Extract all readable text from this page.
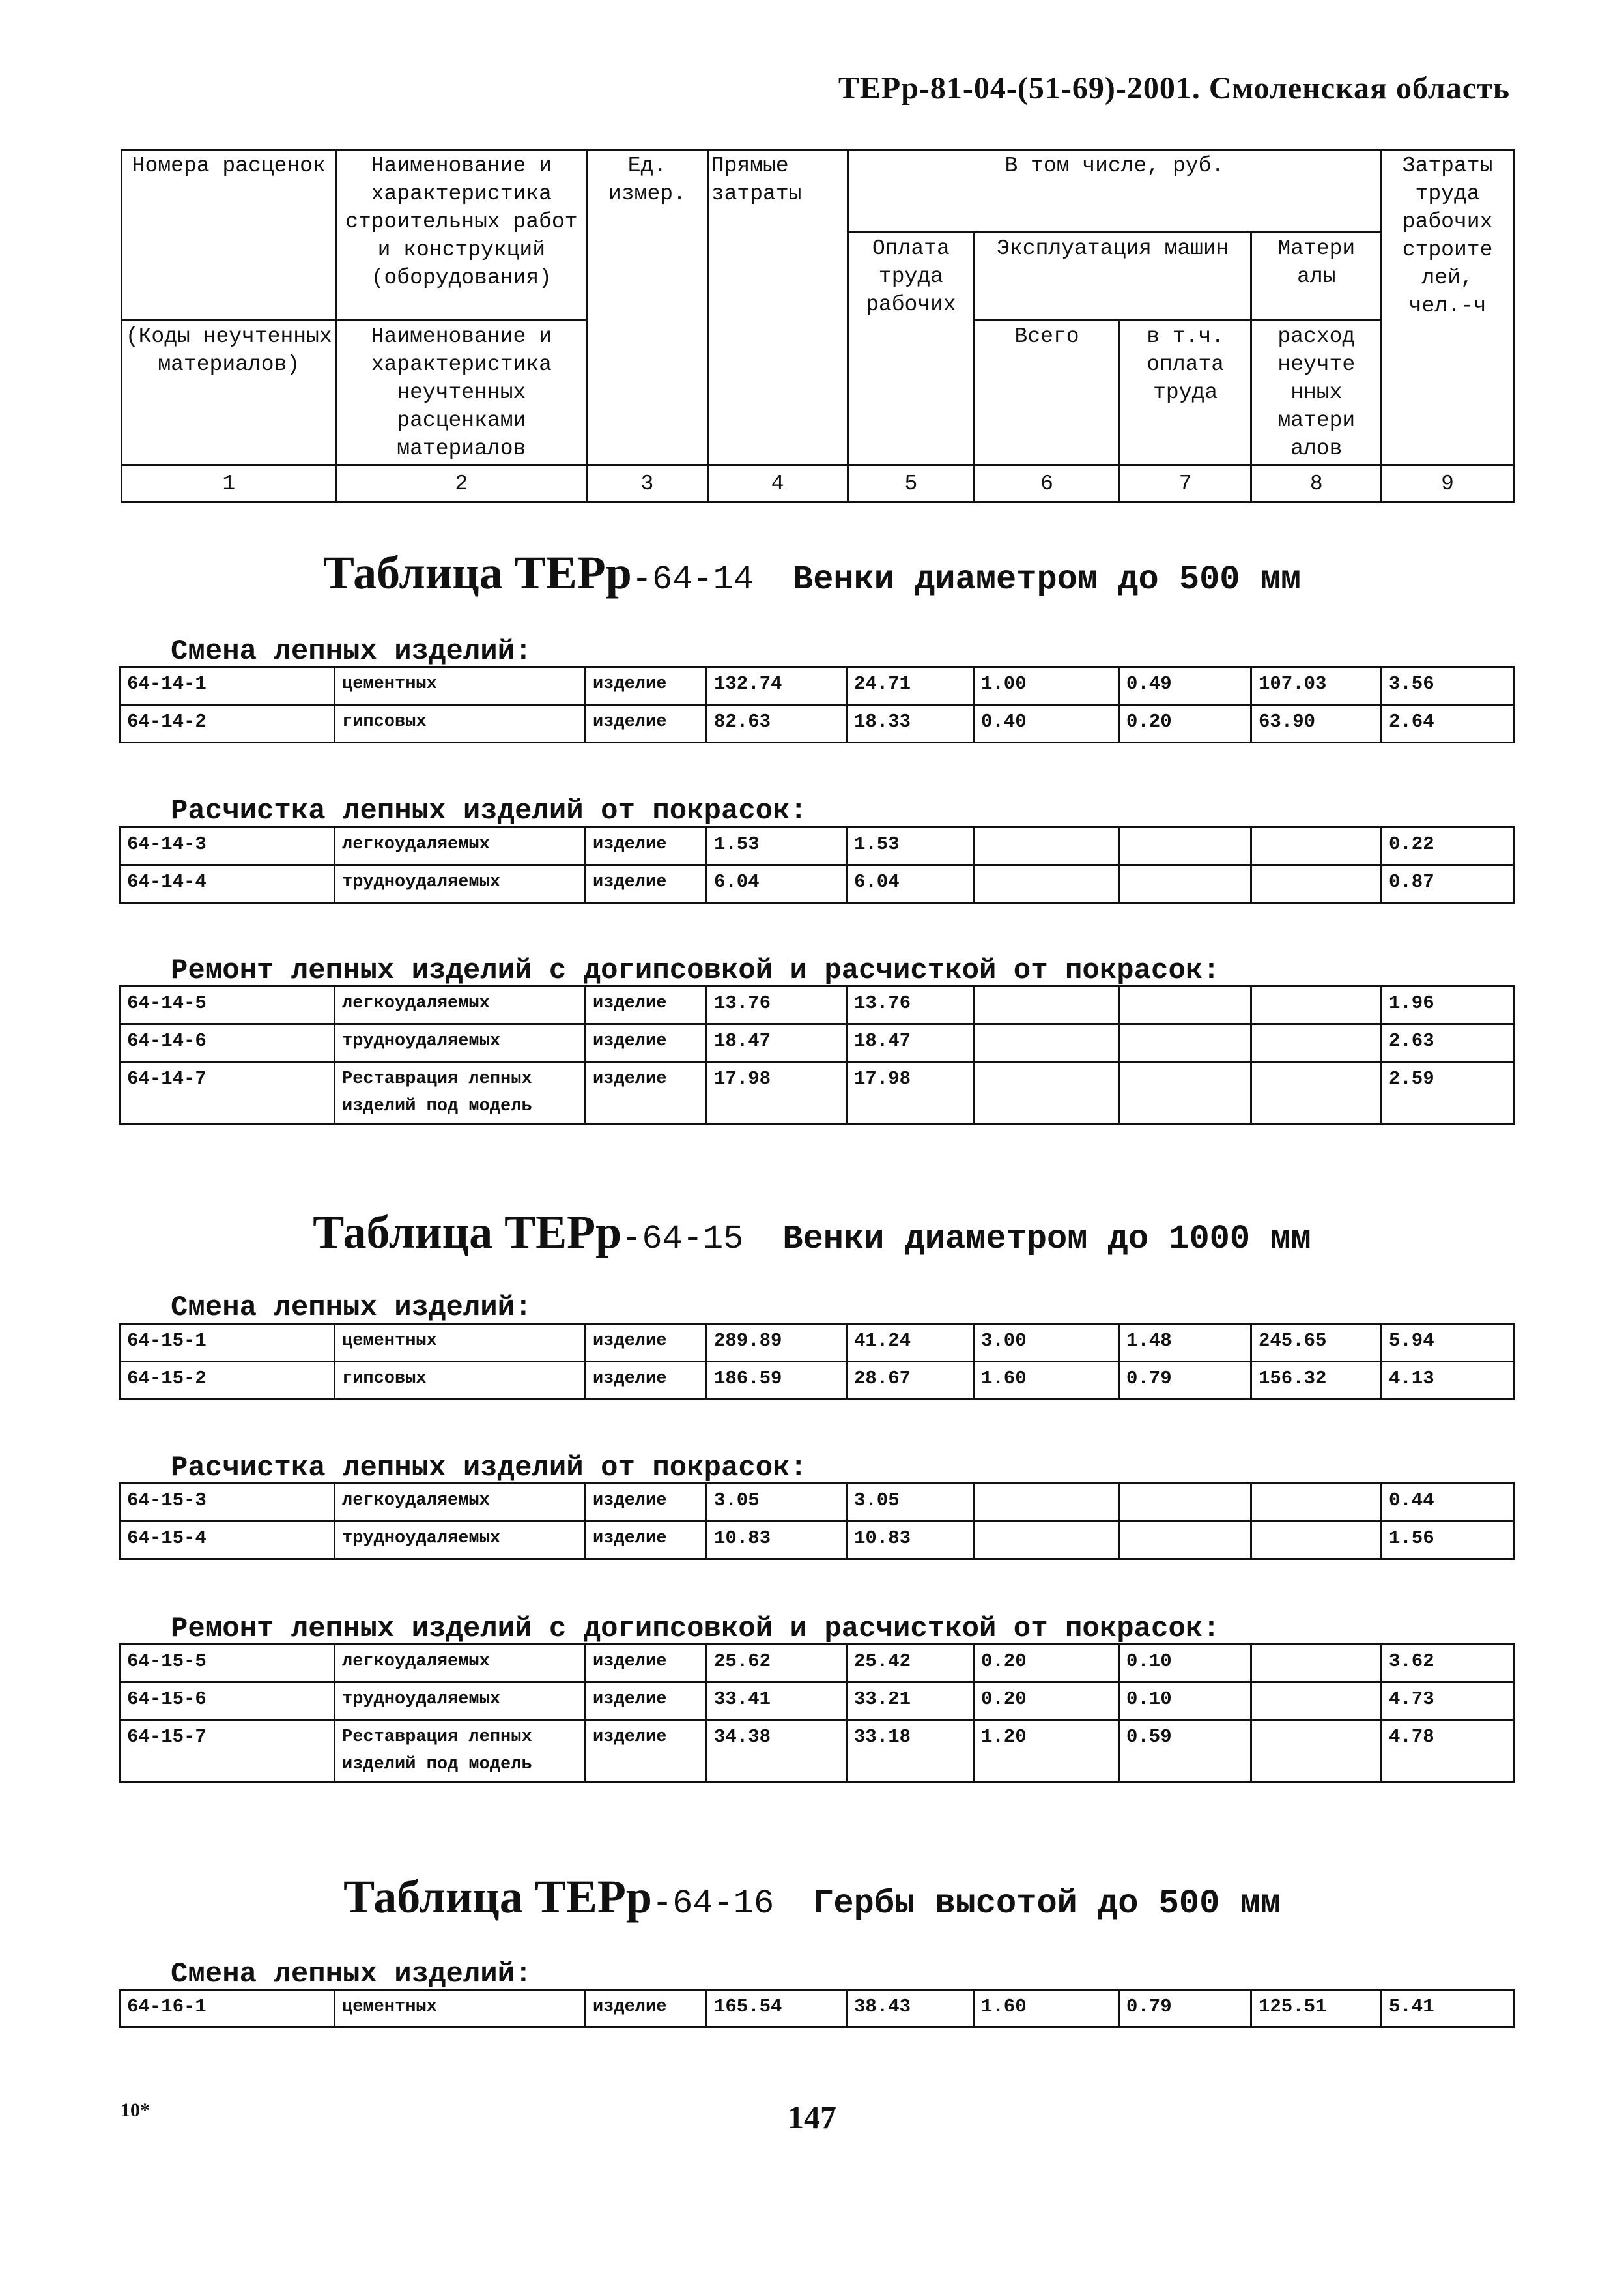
ТЕРр-81-04-(51-69)-2001. Смоленская область
Номера расценок	Наименование и характеристика строительных работ и конструкций (оборудования)	Ед. измер.	Прямые затраты	В том числе, руб.				Затраты труда рабочих строите лей, чел.-ч
				Оплата труда рабочих	Эксплуатация машин		Матери алы	
(Коды неучтенных материалов)	Наименование и характеристика неучтенных расценками материалов				Всего	в т.ч. оплата труда	расход неучте нных матери алов	
1	2	3	4	5	6	7	8	9
Таблица ТЕРр-64-14 Венки диаметром до 500 мм
Смена лепных изделий:
64-14-1	цементных	изделие	132.74	24.71	1.00	0.49	107.03	3.56
64-14-2	гипсовых	изделие	82.63	18.33	0.40	0.20	63.90	2.64
Расчистка лепных изделий от покрасок:
64-14-3	легкоудаляемых	изделие	1.53	1.53				0.22
64-14-4	трудноудаляемых	изделие	6.04	6.04				0.87
Ремонт лепных изделий с догипсовкой и расчисткой от покрасок:
64-14-5	легкоудаляемых	изделие	13.76	13.76				1.96
64-14-6	трудноудаляемых	изделие	18.47	18.47				2.63
64-14-7	Реставрация лепных изделий под модель	изделие	17.98	17.98				2.59
Таблица ТЕРр-64-15 Венки диаметром до 1000 мм
Смена лепных изделий:
64-15-1	цементных	изделие	289.89	41.24	3.00	1.48	245.65	5.94
64-15-2	гипсовых	изделие	186.59	28.67	1.60	0.79	156.32	4.13
Расчистка лепных изделий от покрасок:
64-15-3	легкоудаляемых	изделие	3.05	3.05				0.44
64-15-4	трудноудаляемых	изделие	10.83	10.83				1.56
Ремонт лепных изделий с догипсовкой и расчисткой от покрасок:
64-15-5	легкоудаляемых	изделие	25.62	25.42	0.20	0.10		3.62
64-15-6	трудноудаляемых	изделие	33.41	33.21	0.20	0.10		4.73
64-15-7	Реставрация лепных изделий под модель	изделие	34.38	33.18	1.20	0.59		4.78
Таблица ТЕРр-64-16 Гербы высотой до 500 мм
Смена лепных изделий:
64-16-1	цементных	изделие	165.54	38.43	1.60	0.79	125.51	5.41
10*	147
